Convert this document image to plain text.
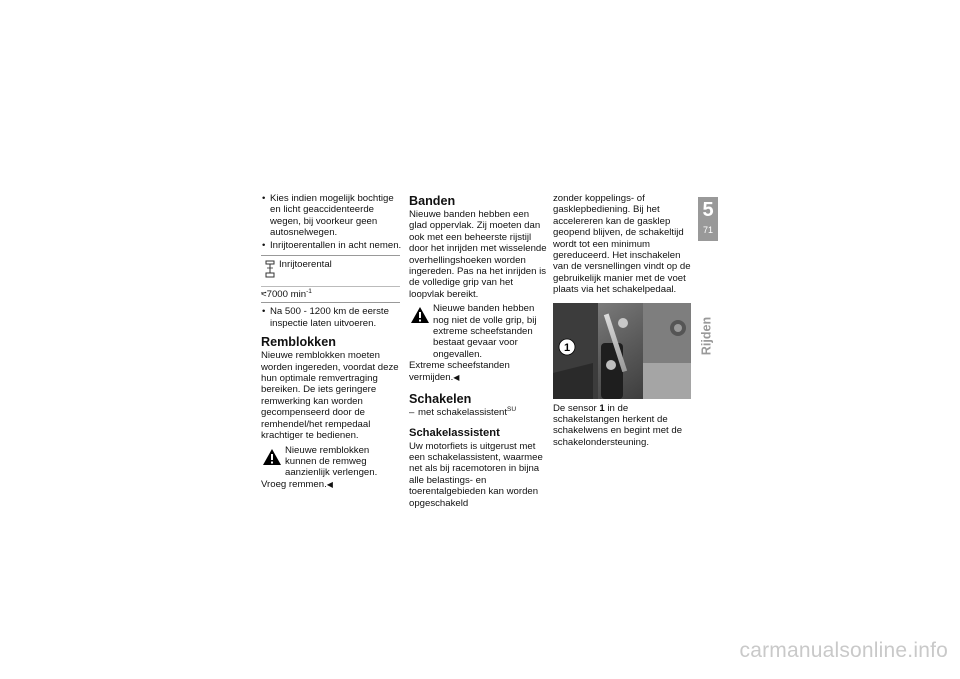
• Kies indien mogelijk bochtige en licht geaccidenteerde wegen, bij voorkeur geen autosnelwegen.
• Inrijtoerentallen in acht nemen.
Inrijtoerental
– <7000 $\min^{-1}$
• Na 500 - 1200 km de eerste inspectie laten uitvoeren.
Remblokken
Nieuwe remblokken moeten worden ingereden, voordat deze hun optimale remvertraging bereiken. De iets geringere remwerking kan worden gecompenseerd door de remhendel/het rempedaal krachtiger te bedienen.
Nieuwe remblokken kunnen de remweg aanzienlijk verlengen.
Vroeg remmen.◀
Banden
Nieuwe banden hebben een glad oppervlak. Zij moeten dan ook met een beheerste rijstijl door het inrijden met wisselende overhellingshoeken worden ingereden. Pas na het inrijden is de volledige grip van het loopvlak bereikt.
Nieuwe banden hebben nog niet de volle grip, bij extreme scheefstanden bestaat gevaar voor ongevallen.
Extreme scheefstanden vermijden.◀
Schakelen
– met schakelassistent$^{SU}$
Schakelassistent
Uw motorfiets is uitgerust met een schakelassistent, waarmee net als bij racemotoren in bijna alle belastings- en toerentalgebieden kan worden opgeschakeld
zonder koppelings- of gasklepbediening. Bij het accelereren kan de gasklep geopend blijven, de schakeltijd wordt tot een minimum gereduceerd. Het inschakelen van de versnellingen vindt op de gebruikelijk manier met de voet plaats via het schakelpedaal.
1
De sensor 1 in de schakelstangen herkent de schakelwens en begint met de schakelondersteuning.
5
71
Rijden
carmanualsonline.info
